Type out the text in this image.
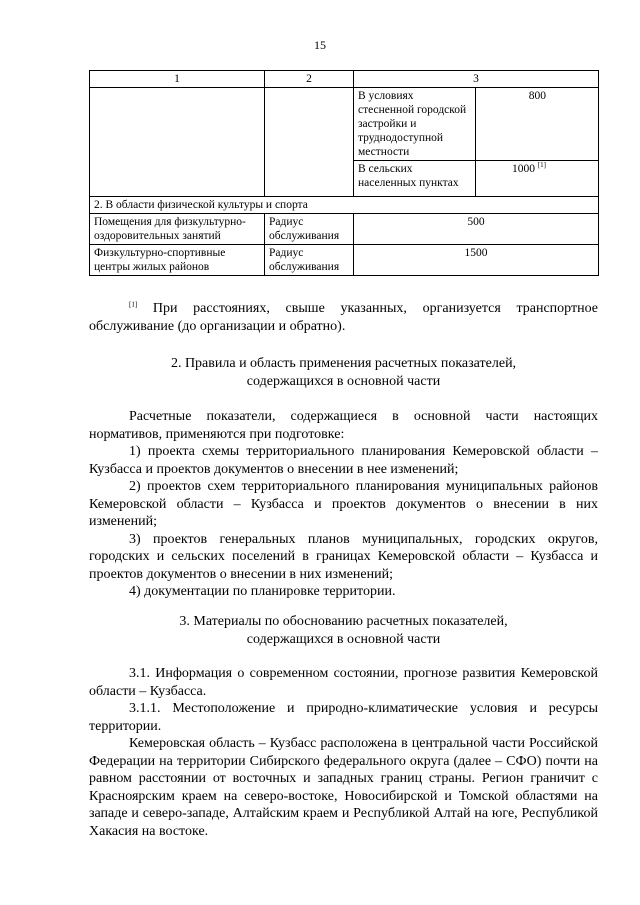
15
1	2	3	
		В условиях стесненной городской застройки и труднодоступной местности	800
		В сельских населенных пунктах	1000 [1]
2. В области физической культуры и спорта			
Помещения для физкультурно-оздоровительных занятий	Радиус обслуживания	500	
Физкультурно-спортивные центры жилых районов	Радиус обслуживания	1500	

[1] При расстояниях, свыше указанных, организуется транспортное обслуживание (до организации и обратно).

2. Правила и область применения расчетных показателей,

содержащихся в основной части

Расчетные показатели, содержащиеся в основной части настоящих нормативов, применяются при подготовке:

1) проекта схемы территориального планирования Кемеровской области – Кузбасса и проектов документов о внесении в нее изменений;

2) проектов схем территориального планирования муниципальных районов Кемеровской области – Кузбасса и проектов документов о внесении в них изменений;

3) проектов генеральных планов муниципальных, городских округов, городских и сельских поселений в границах Кемеровской области – Кузбасса и проектов документов о внесении в них изменений;

4) документации по планировке территории.

3. Материалы по обоснованию расчетных показателей,

содержащихся в основной части

3.1. Информация о современном состоянии, прогнозе развития Кемеровской области – Кузбасса.

3.1.1. Местоположение и природно-климатические условия и ресурсы территории.

Кемеровская область – Кузбасс расположена в центральной части Российской Федерации на территории Сибирского федерального округа (далее – СФО) почти на равном расстоянии от восточных и западных границ страны. Регион граничит с Красноярским краем на северо-востоке, Новосибирской и Томской областями на западе и северо-западе, Алтайским краем и Республикой Алтай на юге, Республикой Хакасия на востоке.
